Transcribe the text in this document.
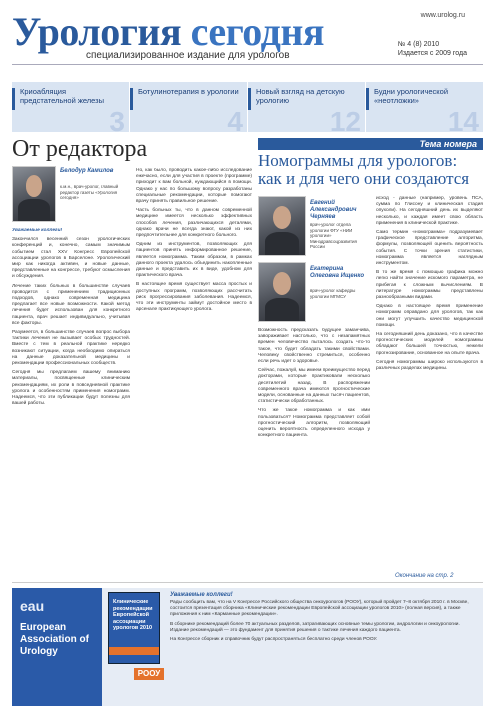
www.urolog.ru
Урология сегодня
специализированное издание для урологов
№ 4 (8) 2010
Издается с 2009 года
Криоабляция предстательной железы
3
Ботулинотерапия в урологии
4
Новый взгляд на детскую урологию
12
Будни урологической «неотложки»
14
От редактора
Белодур Камилов
к.м.н., врач-уролог, главный редактор газеты «Урология сегодня»

Уважаемые коллеги!

Закончился весенний сезон урологических конференций и, конечно, самым значимым событием стал XXV Конгресс Европейской ассоциации урологов в Барселоне. Урологический мир как никогда активен, и новые данные, представленные на конгрессе, требуют осмысления и обсуждения.

Лечение таких больных в большинстве случаев проводится с применением традиционных подходов, однако современная медицина предлагает все новые возможности. Какой метод лечения будет использован для конкретного пациента, врач решает индивидуально, учитывая все факторы.

Разумеется, в большинстве случаев вопрос выбора тактики лечения не вызывает особых трудностей. Вместе с тем в реальной практике нередко возникают ситуации, когда необходимо опираться на данные доказательной медицины и рекомендации профессиональных сообществ.

Сегодня мы предлагаем вашему вниманию материалы, посвященные клиническим рекомендациям, их роли в повседневной практике уролога и особенностям применения номограмм. Надеемся, что эти публикации будут полезны для вашей работы.

Но, как было, проводить какое-либо исследование ежечасно, если для участия в проекте (программе) приходит к вам больной, нуждающийся в помощи. Однако у нас по большому вопросу разработаны специальные рекомендации, которые помогают врачу принять правильное решение.

Часть больных ты, что в данном современной медицине имеется несколько эффективных способов лечения, различающихся деталями, однако врачи не всегда знают, какой из них предпочтительнее для конкретного больного.

Одним из инструментов, позволяющих для пациентов принять информированное решение, является номограмма. Таким образом, в рамках данного проекта удалось объединить накопленные данные и представить их в виде, удобном для практического врача.

В настоящее время существует масса простых и доступных программ, позволяющих рассчитать риск прогрессирования заболевания. Надеемся, что эти инструменты займут достойное место в арсенале практикующего уролога.

Тема номера
Номограммы для урологов: как и для чего они создаются
Евгений Александрович Черняев
врач-уролог отдела урологии ФГУ «НИИ урологии» Минздравсоцразвития России
Екатерина Олеговна Ищенко
врач-уролог кафедры урологии МГМСУ

Возможность предсказать будущее заманчива, завораживает настолько, что с незапамятных времен человечество пыталось создать что-то такое, что будет обладать такими свойствами. Человеку свойственно стремиться, особенно если речь идет о здоровье.

Сейчас, пожалуй, мы имеем преимущество перед докторами, которые практиковали несколько десятилетий назад. В распоряжении современного врача имеются прогностические модели, основанные на данных тысяч пациентов, статистически обработанных.

Что же такое номограмма и как ими пользоваться? Номограмма представляет собой прогностический алгоритм, позволяющий оценить вероятность определенного исхода у конкретного пациента.

исход - данные (например, уровень ПСА, сумма по Глисону и клиническая стадия опухоли). На сегодняшний день их выделяют несколько, и каждая имеет свою область применения в клинической практике.

Само термин «номограмма» подразумевает графическое представление алгоритма, формулы, позволяющей оценить вероятность события. С точки зрения статистики, номограмма является наглядным инструментом.

В то же время с помощью графика можно легко найти значение искомого параметра, не прибегая к сложным вычислениям. В литературе номограммы представлены разнообразными видами.

Однако в настоящее время применение номограмм оправдано для урологов, так как они могут улучшить качество медицинской помощи.

На сегодняшний день доказано, что в качестве прогностических моделей номограммы обладают большей точностью, нежели прогнозирование, основанное на опыте врача.

Сегодня номограммы широко используются в различных разделах медицины.

Окончание на стр. 2
eau
European Association of Urology
Клинические рекомендации Европейской ассоциации урологов 2010
РООУ
Уважаемые коллеги!

Рады сообщить вам, что на V Конгрессе Российского общества онкоурологов (РООУ), который пройдет 7–8 октября 2010 г. в Москве, состоится презентация сборника «Клинические рекомендации Европейской ассоциации урологов 2010» (полная версия), а также приложения к ним «Карманные рекомендации».

В сборнике рекомендаций более 70 актуальных разделов, затрагивающих основные темы урологии, андрологии и онкоурологии. Издание рекомендаций — это фундамент для принятия решения о тактике лечения каждого пациента.

На Конгрессе сборник и справочник будут распространяться бесплатно среди членов РООУ.
